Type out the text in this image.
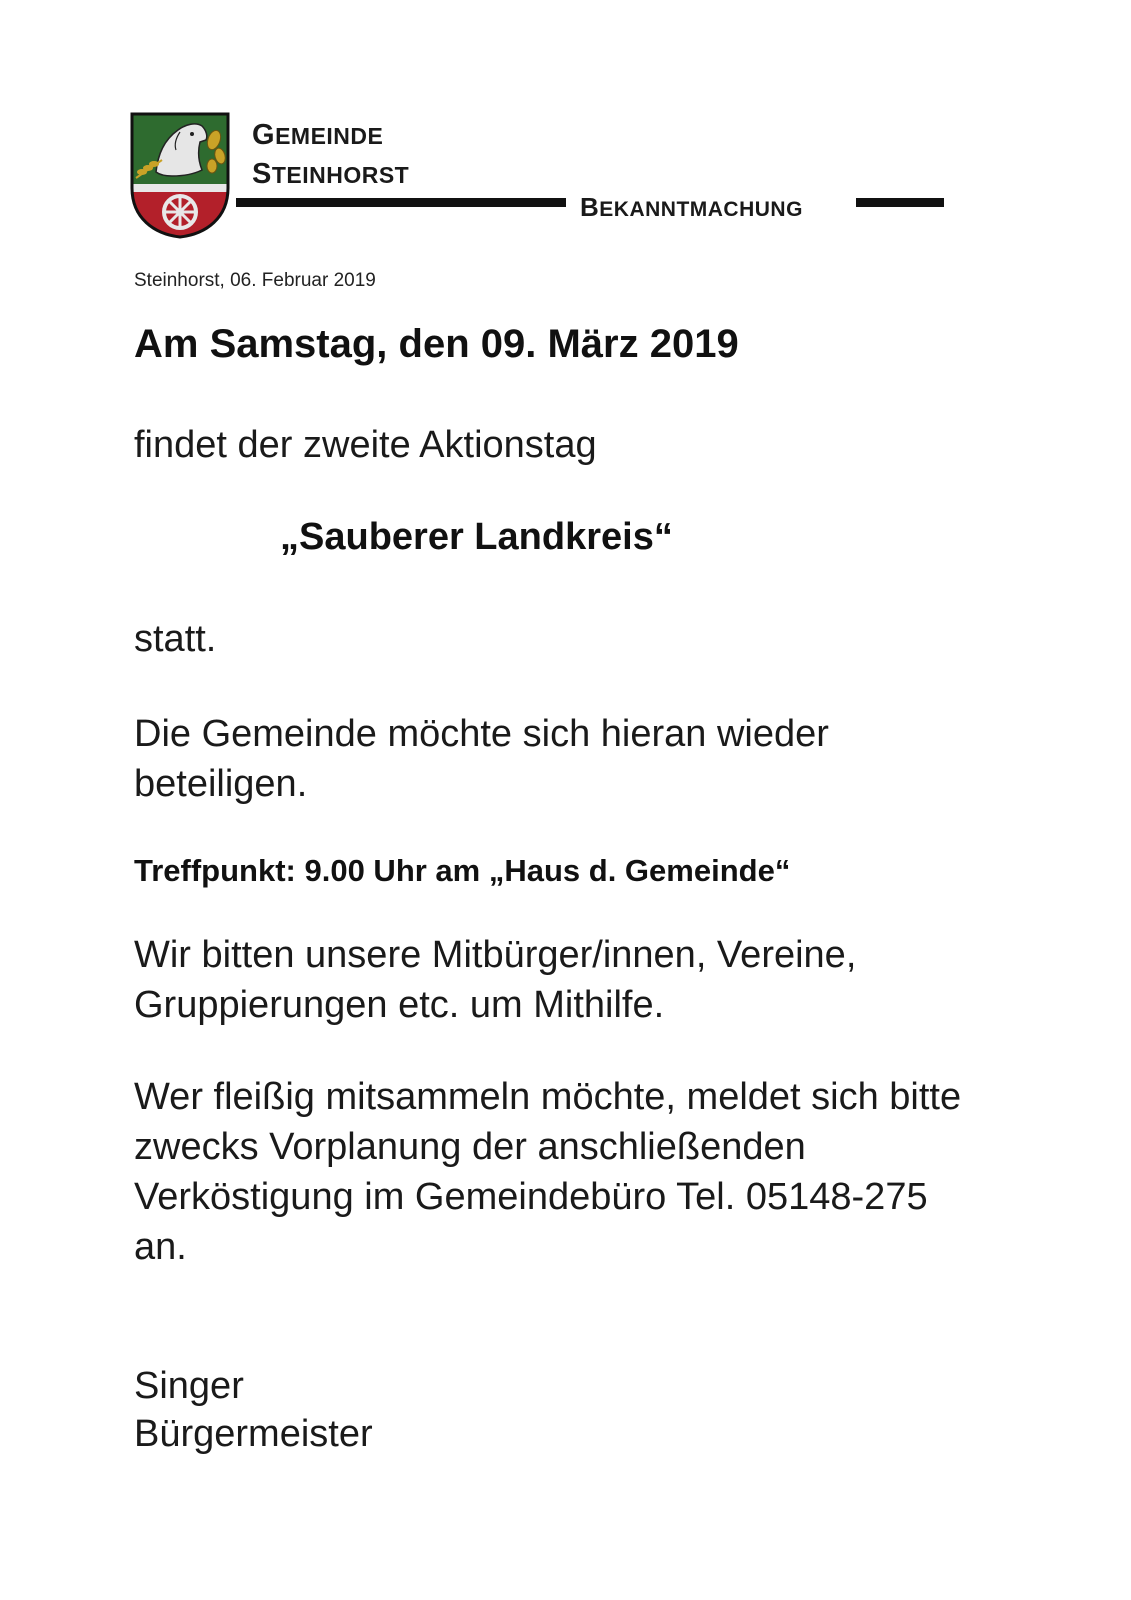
GEMEINDE
STEINHORST
BEKANNTMACHUNG
Steinhorst, 06. Februar 2019
Am Samstag, den 09. März 2019
findet der zweite Aktionstag
„Sauberer Landkreis“
statt.
Die Gemeinde möchte sich hieran wieder beteiligen.
Treffpunkt: 9.00 Uhr am „Haus d. Gemeinde“
Wir bitten unsere Mitbürger/innen, Vereine, Gruppierungen etc. um Mithilfe.
Wer fleißig mitsammeln möchte, meldet sich bitte zwecks Vorplanung der anschließenden Verköstigung im Gemeindebüro Tel. 05148-275 an.
Singer
Bürgermeister
